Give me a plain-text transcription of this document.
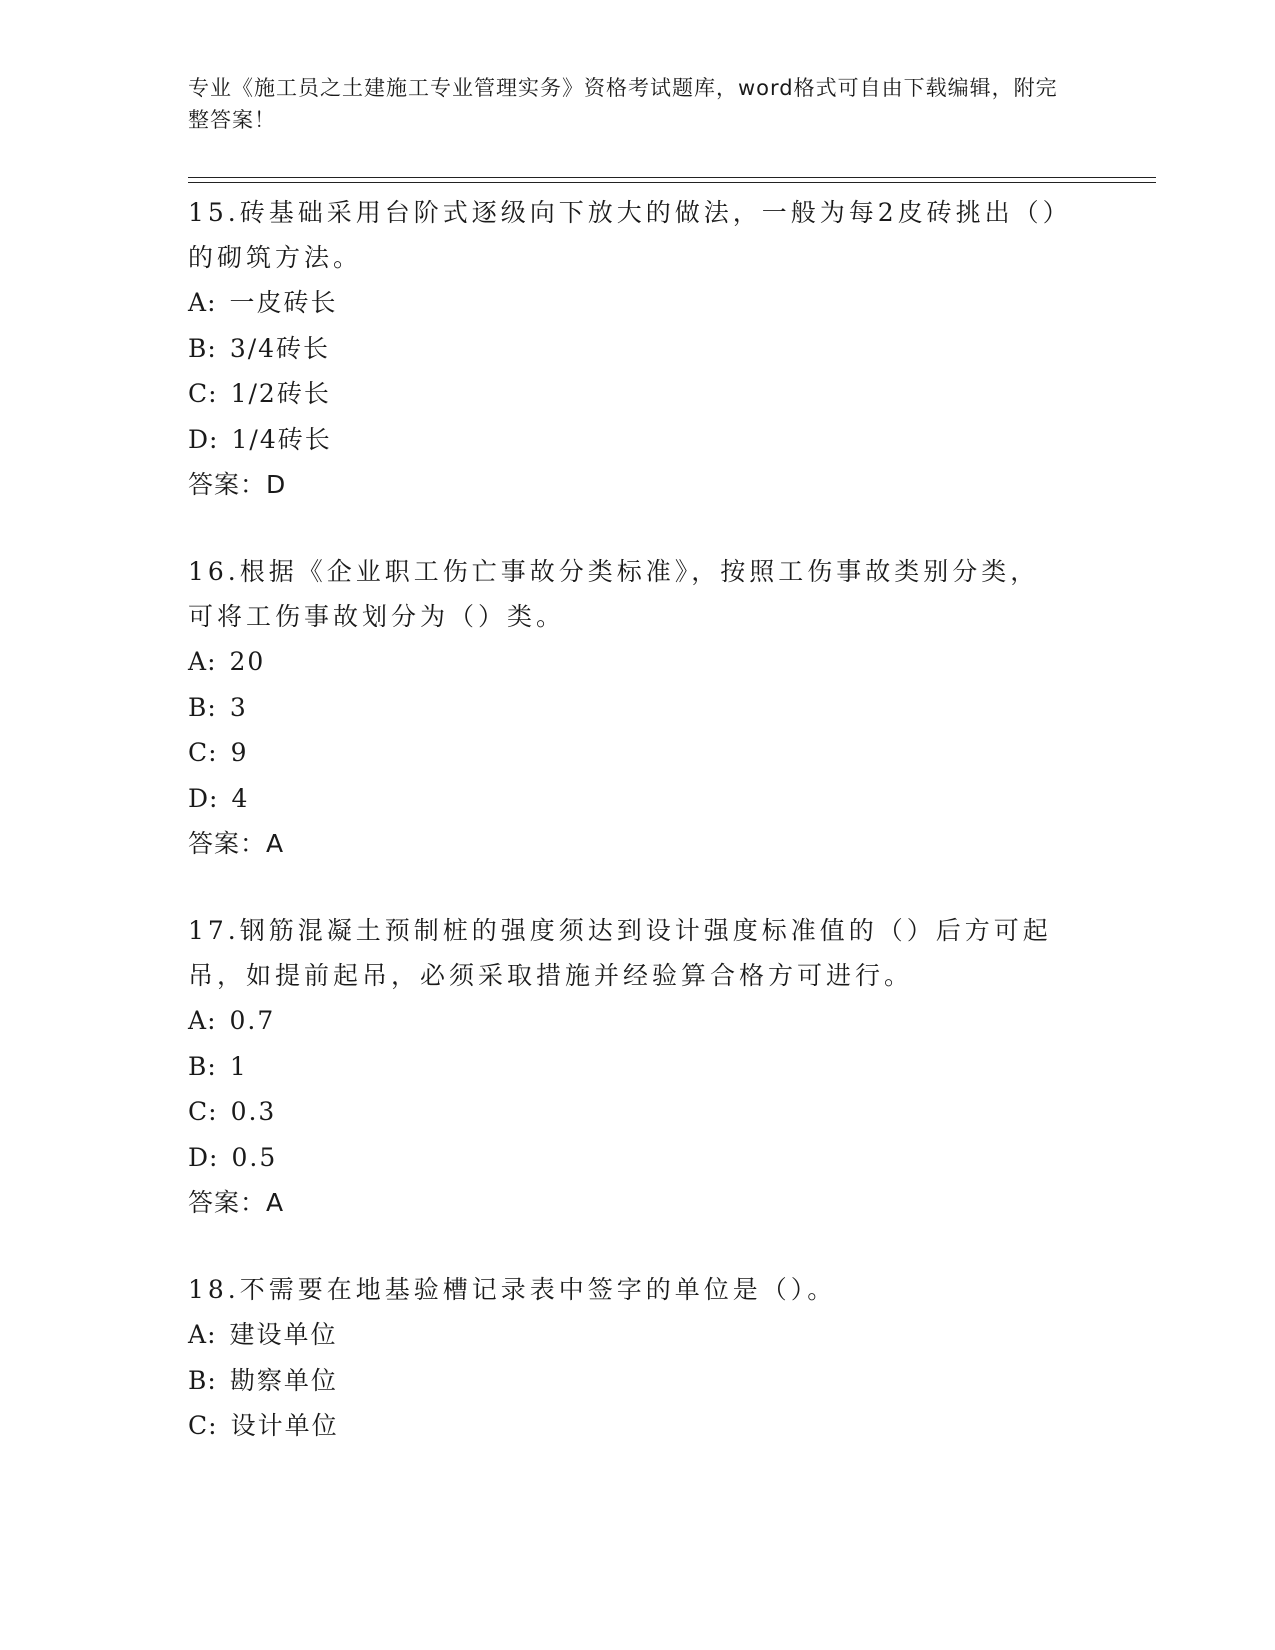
专业《施工员之土建施工专业管理实务》资格考试题库，word格式可自由下载编辑，附完整答案！

15.砖基础采用台阶式逐级向下放大的做法，一般为每2皮砖挑出（）的砌筑方法。

A: 一皮砖长

B: 3/4砖长

C: 1/2砖长

D: 1/4砖长

答案：D

16.根据《企业职工伤亡事故分类标准》，按照工伤事故类别分类，可将工伤事故划分为（）类。

A: 20

B: 3

C: 9

D: 4

答案：A

17.钢筋混凝土预制桩的强度须达到设计强度标准值的（）后方可起吊，如提前起吊，必须采取措施并经验算合格方可进行。

A: 0.7

B: 1

C: 0.3

D: 0.5

答案：A

18.不需要在地基验槽记录表中签字的单位是（）。

A: 建设单位

B: 勘察单位

C: 设计单位
